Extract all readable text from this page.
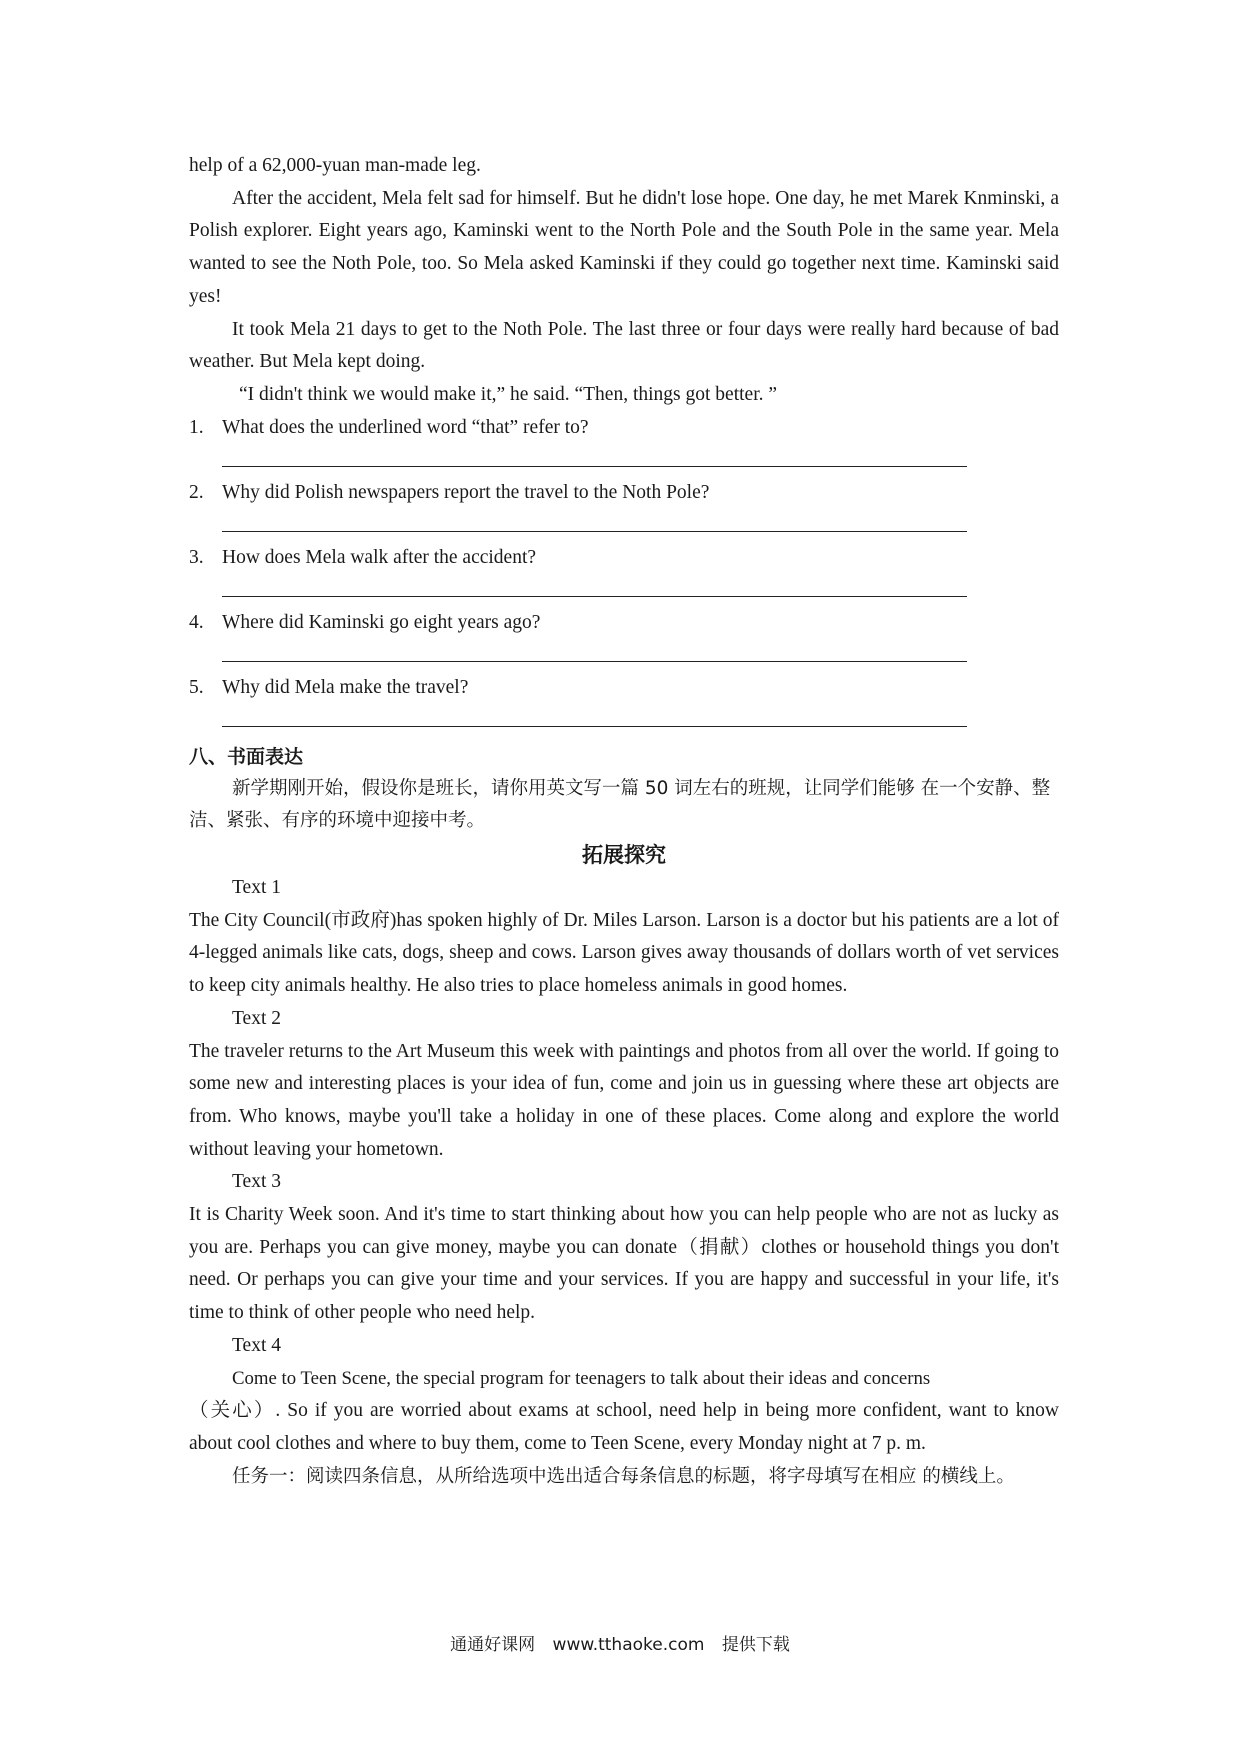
help of a 62,000-yuan man-made leg.

After the accident, Mela felt sad for himself. But he didn't lose hope. One day, he met Marek Knminski, a Polish explorer. Eight years ago, Kaminski went to the North Pole and the South Pole in the same year. Mela wanted to see the Noth Pole, too. So Mela asked Kaminski if they could go together next time. Kaminski said yes!

It took Mela 21 days to get to the Noth Pole. The last three or four days were really hard because of bad weather. But Mela kept doing.

“I didn't think we would make it,” he said. “Then, things got better. ”

1. What does the underlined word “that” refer to?

2. Why did Polish newspapers report the travel to the Noth Pole?

3. How does Mela walk after the accident?

4. Where did Kaminski go eight years ago?

5. Why did Mela make the travel?

八、书面表达

新学期刚开始，假设你是班长，请你用英文写一篇 50 词左右的班规，让同学们能够 在一个安静、整洁、紧张、有序的环境中迎接中考。

拓展探究

Text 1

The City Council(市政府)has spoken highly of Dr. Miles Larson. Larson is a doctor but his patients are a lot of 4-legged animals like cats, dogs, sheep and cows. Larson gives away thousands of dollars worth of vet services to keep city animals healthy. He also tries to place homeless animals in good homes.

Text 2

The traveler returns to the Art Museum this week with paintings and photos from all over the world. If going to some new and interesting places is your idea of fun, come and join us in guessing where these art objects are from. Who knows, maybe you'll take a holiday in one of these places. Come along and explore the world without leaving your hometown.

Text 3

It is Charity Week soon. And it's time to start thinking about how you can help people who are not as lucky as you are. Perhaps you can give money, maybe you can donate（捐献）clothes or household things you don't need. Or perhaps you can give your time and your services. If you are happy and successful in your life, it's time to think of other people who need help.

Text 4

Come to Teen Scene, the special program for teenagers to talk about their ideas and concerns

（关心）. So if you are worried about exams at school, need help in being more confident, want to know about cool clothes and where to buy them, come to Teen Scene, every Monday night at 7 p. m.

任务一：阅读四条信息，从所给选项中选出适合每条信息的标题，将字母填写在相应 的横线上。

通通好课网 www.tthaoke.com 提供下载
